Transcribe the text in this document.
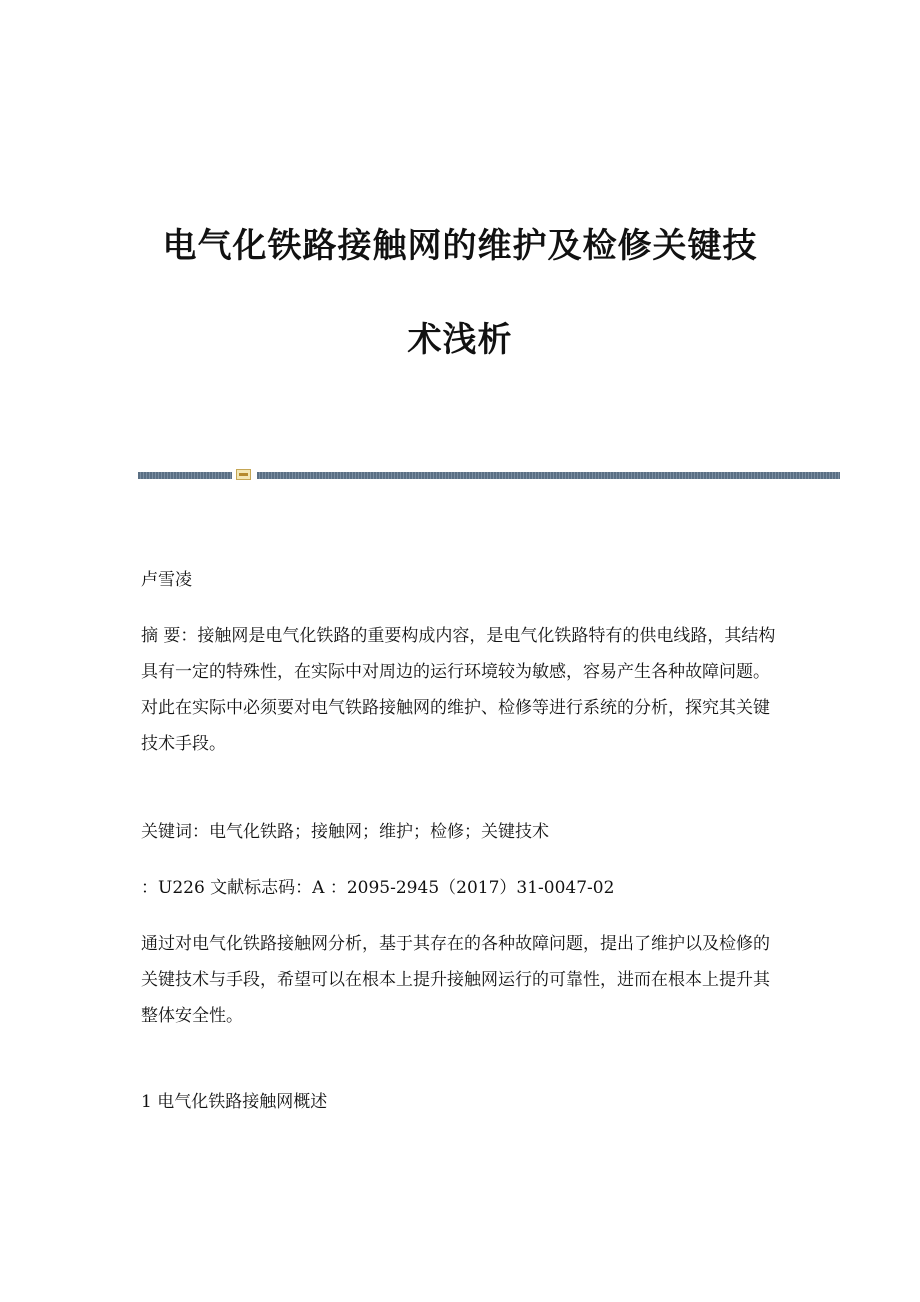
电气化铁路接触网的维护及检修关键技
术浅析
卢雪凌
摘 要：接触网是电气化铁路的重要构成内容，是电气化铁路特有的供电线路，其结构具有一定的特殊性，在实际中对周边的运行环境较为敏感，容易产生各种故障问题。对此在实际中必须要对电气铁路接触网的维护、检修等进行系统的分析，探究其关键技术手段。
关键词：电气化铁路；接触网；维护；检修；关键技术
：U226 文献标志码：A ：2095-2945（2017）31-0047-02
通过对电气化铁路接触网分析，基于其存在的各种故障问题，提出了维护以及检修的关键技术与手段，希望可以在根本上提升接触网运行的可靠性，进而在根本上提升其整体安全性。
1 电气化铁路接触网概述
